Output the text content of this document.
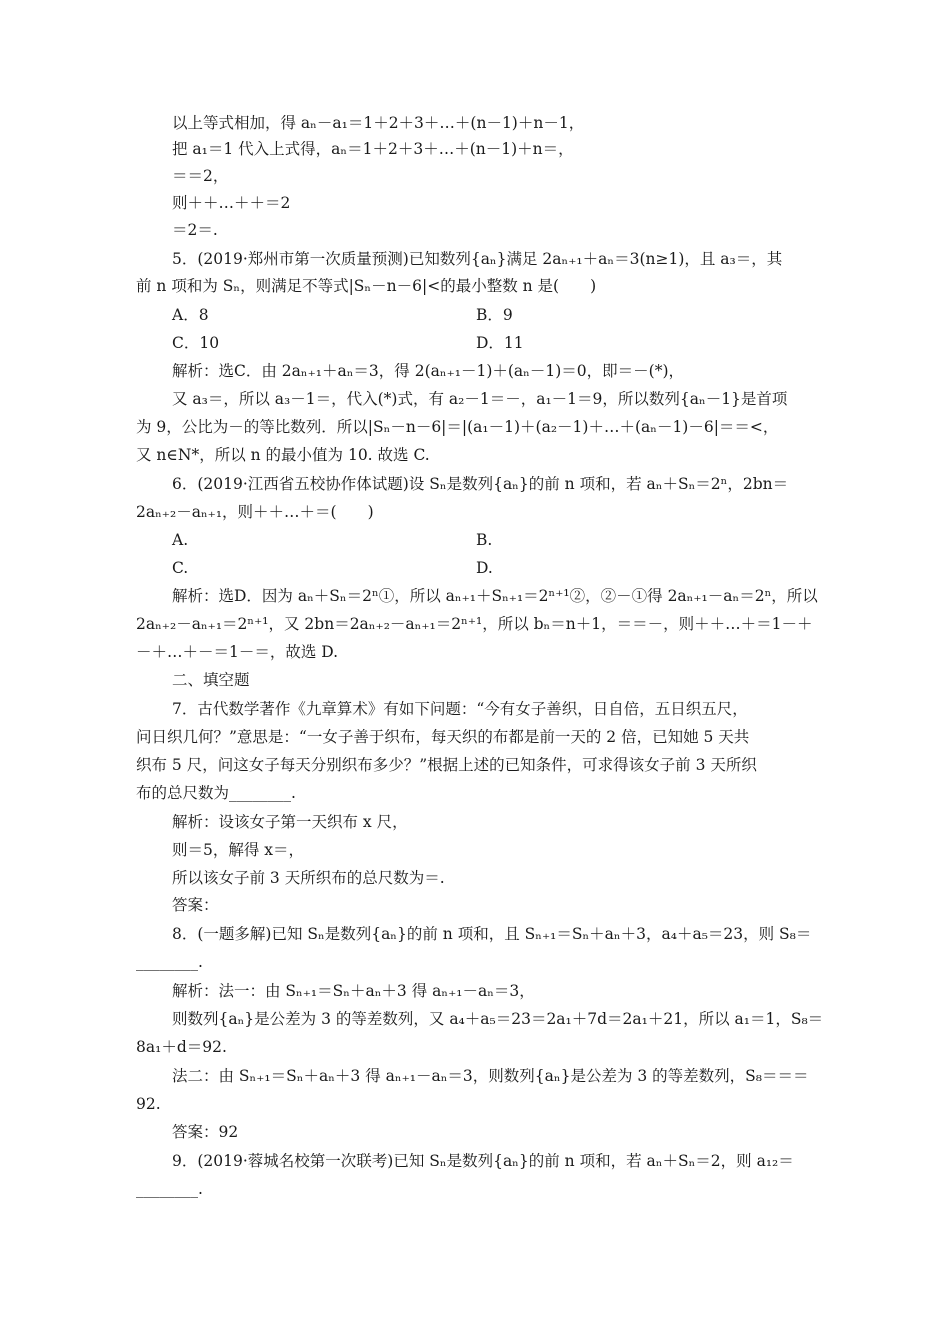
以上等式相加，得 aₙ－a₁＝1＋2＋3＋…＋(n－1)＋n－1，
把 a₁＝1 代入上式得，aₙ＝1＋2＋3＋…＋(n－1)＋n＝，
＝＝2，
则＋＋…＋＋＝2
＝2＝.
5．(2019·郑州市第一次质量预测)已知数列{aₙ}满足 2aₙ₊₁＋aₙ＝3(n≥1)，且 a₃＝，其
前 n 项和为 Sₙ，则满足不等式|Sₙ－n－6|<的最小整数 n 是(　　)
A．8	B．9
C．10	D．11
解析：选C．由 2aₙ₊₁＋aₙ＝3，得 2(aₙ₊₁－1)＋(aₙ－1)＝0，即＝－(*)，
又 a₃＝，所以 a₃－1＝，代入(*)式，有 a₂－1＝－，a₁－1＝9，所以数列{aₙ－1}是首项
为 9，公比为－的等比数列．所以|Sₙ－n－6|＝|(a₁－1)＋(a₂－1)＋…＋(aₙ－1)－6|＝＝<，
又 n∈N*，所以 n 的最小值为 10. 故选 C.
6．(2019·江西省五校协作体试题)设 Sₙ是数列{aₙ}的前 n 项和，若 aₙ＋Sₙ＝2ⁿ，2bn＝
2aₙ₊₂－aₙ₊₁，则＋＋…＋＝(　　)
A.	B.
C.	D.
解析：选D．因为 aₙ＋Sₙ＝2ⁿ①，所以 aₙ₊₁＋Sₙ₊₁＝2ⁿ⁺¹②，②－①得 2aₙ₊₁－aₙ＝2ⁿ，所以
2aₙ₊₂－aₙ₊₁＝2ⁿ⁺¹，又 2bn＝2aₙ₊₂－aₙ₊₁＝2ⁿ⁺¹，所以 bₙ＝n＋1，＝＝－，则＋＋…＋＝1－＋
－＋…＋－＝1－＝，故选 D.
二、填空题
7．古代数学著作《九章算术》有如下问题：“今有女子善织，日自倍，五日织五尺，
问日织几何？”意思是：“一女子善于织布，每天织的布都是前一天的 2 倍，已知她 5 天共
织布 5 尺，问这女子每天分别织布多少？”根据上述的已知条件，可求得该女子前 3 天所织
布的总尺数为________.
解析：设该女子第一天织布 x 尺，
则＝5，解得 x＝，
所以该女子前 3 天所织布的总尺数为＝.
答案：
8．(一题多解)已知 Sₙ是数列{aₙ}的前 n 项和，且 Sₙ₊₁＝Sₙ＋aₙ＋3，a₄＋a₅＝23，则 S₈＝
________.
解析：法一：由 Sₙ₊₁＝Sₙ＋aₙ＋3 得 aₙ₊₁－aₙ＝3，
则数列{aₙ}是公差为 3 的等差数列，又 a₄＋a₅＝23＝2a₁＋7d＝2a₁＋21，所以 a₁＝1，S₈＝
8a₁＋d＝92.
法二：由 Sₙ₊₁＝Sₙ＋aₙ＋3 得 aₙ₊₁－aₙ＝3，则数列{aₙ}是公差为 3 的等差数列，S₈＝＝＝
92.
答案：92
9．(2019·蓉城名校第一次联考)已知 Sₙ是数列{aₙ}的前 n 项和，若 aₙ＋Sₙ＝2，则 a₁₂＝
________.
